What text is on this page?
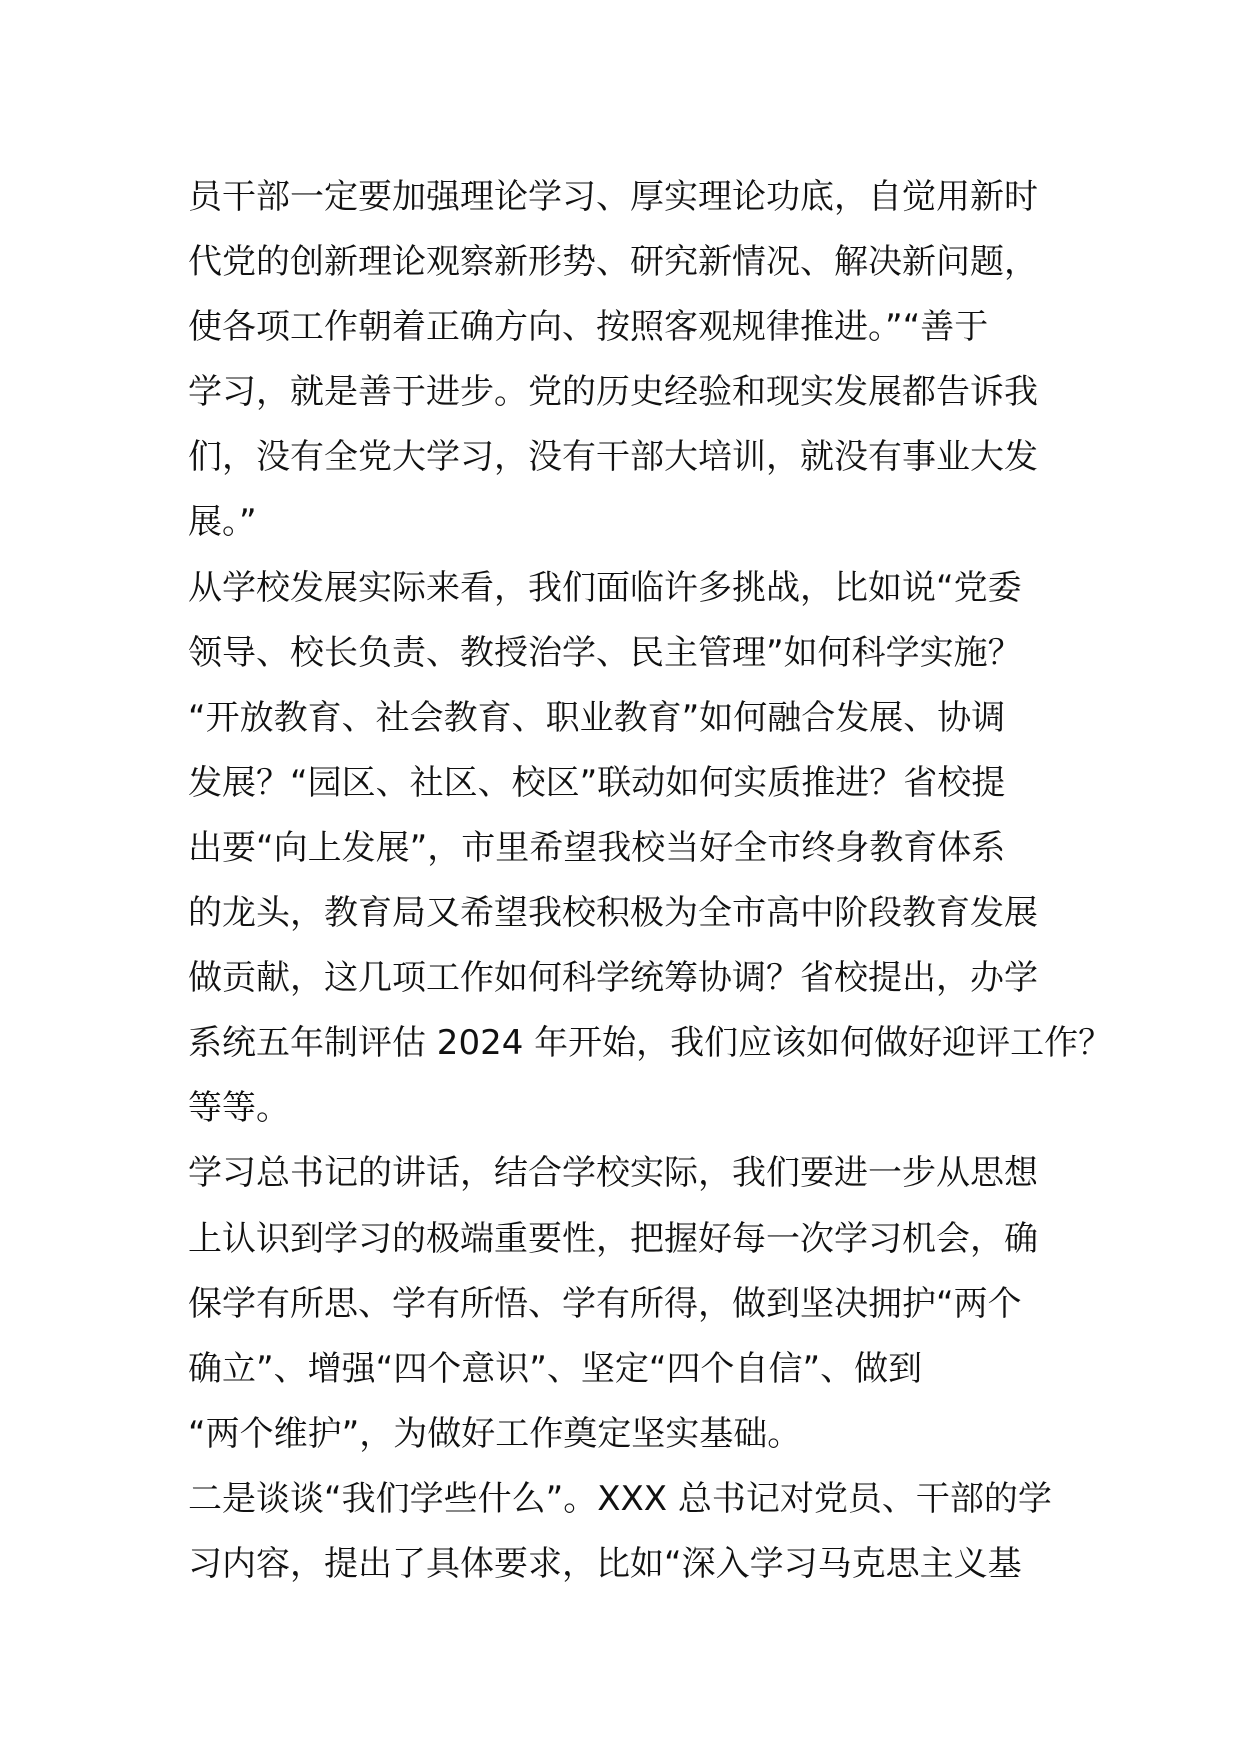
员干部一定要加强理论学习、厚实理论功底，自觉用新时
代党的创新理论观察新形势、研究新情况、解决新问题，
使各项工作朝着正确方向、按照客观规律推进。”“善于
学习，就是善于进步。党的历史经验和现实发展都告诉我
们，没有全党大学习，没有干部大培训，就没有事业大发
展。”
从学校发展实际来看，我们面临许多挑战，比如说“党委
领导、校长负责、教授治学、民主管理”如何科学实施？
“开放教育、社会教育、职业教育”如何融合发展、协调
发展？“园区、社区、校区”联动如何实质推进？省校提
出要“向上发展”，市里希望我校当好全市终身教育体系
的龙头，教育局又希望我校积极为全市高中阶段教育发展
做贡献，这几项工作如何科学统筹协调？省校提出，办学
系统五年制评估 2024 年开始，我们应该如何做好迎评工作？
等等。
学习总书记的讲话，结合学校实际，我们要进一步从思想
上认识到学习的极端重要性，把握好每一次学习机会，确
保学有所思、学有所悟、学有所得，做到坚决拥护“两个
确立”、增强“四个意识”、坚定“四个自信”、做到
“两个维护”，为做好工作奠定坚实基础。
二是谈谈“我们学些什么”。XXX 总书记对党员、干部的学
习内容，提出了具体要求，比如“深入学习马克思主义基
